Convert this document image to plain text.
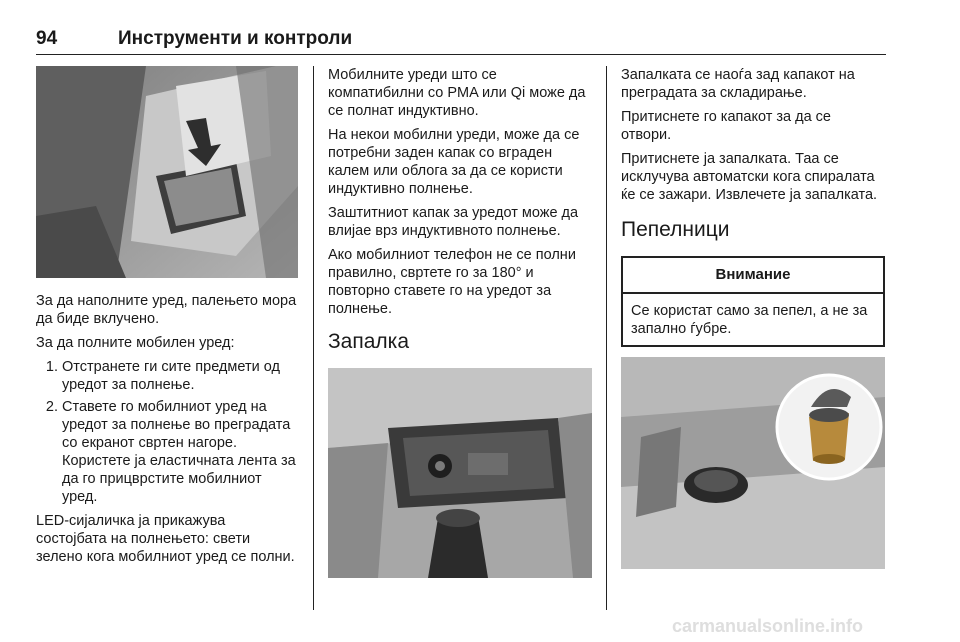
94	Инструменти и контроли

За да наполните уред, палењето мора да биде вклучено.

За да полните мобилен уред:

1. Отстранете ги сите предмети од уредот за полнење.
2. Ставете го мобилниот уред на уредот за полнење во преградата со екранот свртен нагоре. Користете ја еластичната лента за да го прицврстите мобилниот уред.

LED-сијаличка ја прикажува состојбата на полнењето: свети зелено кога мобилниот уред се полни.

Мобилните уреди што се компатибилни со PMA или Qi може да се полнат индуктивно.

На некои мобилни уреди, може да се потребни заден капак со вграден калем или облога за да се користи индуктивно полнење.

Заштитниот капак за уредот може да влијае врз индуктивното полнење.

Ако мобилниот телефон не се полни правилно, свртете го за 180° и повторно ставете го на уредот за полнење.

Запалка

Запалката се наоѓа зад капакот на преградата за складирање.

Притиснете го капакот за да се отвори.

Притиснете ја запалката. Таа се исклучува автоматски кога спиралата ќе се зажари. Извлечете ја запалката.

Пепелници
Внимание
Се користат само за пепел, а не за запално ѓубре.
carmanualsonline.info
